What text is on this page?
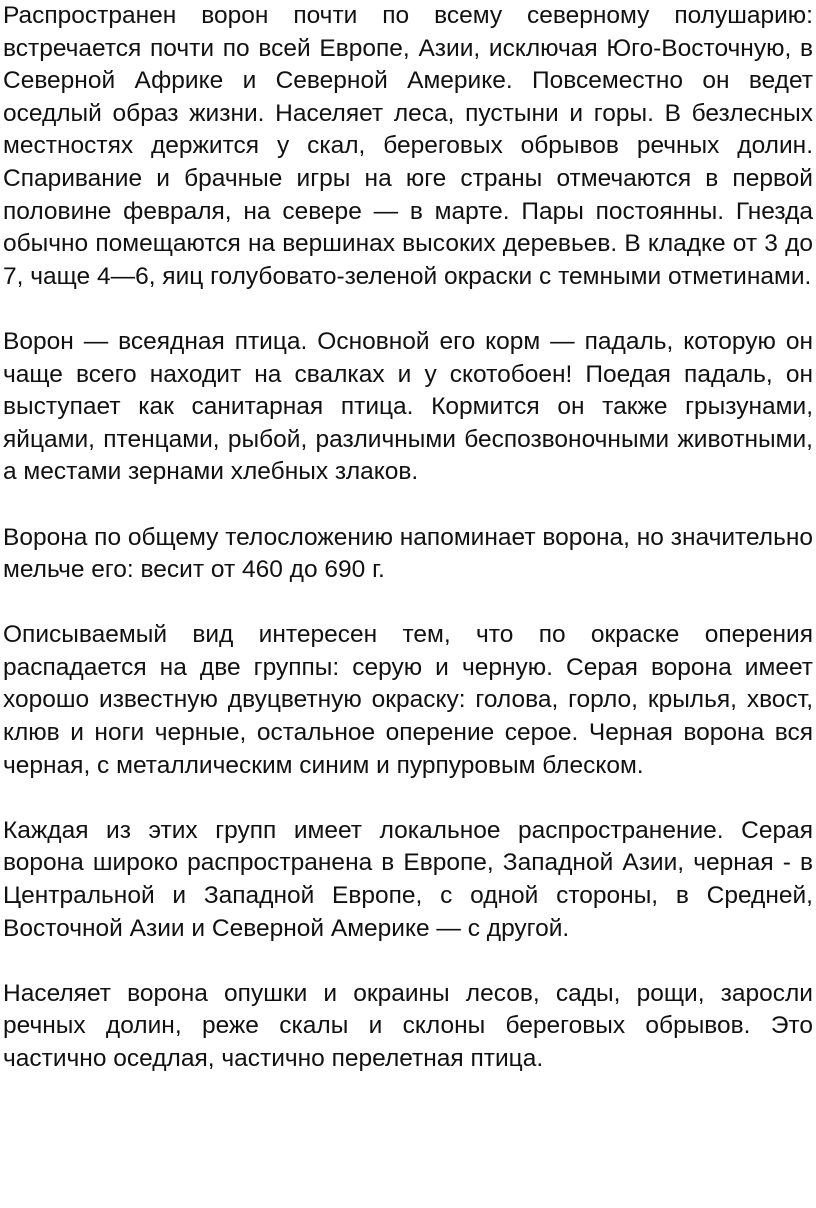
Распространен ворон почти по всему северному полушарию: встречается почти по всей Европе, Азии, исключая Юго-Восточную, в Северной Африке и Северной Америке. Повсеместно он ведет оседлый образ жизни. Населяет леса, пустыни и горы. В безлесных местностях держится у скал, береговых обрывов речных долин. Спаривание и брачные игры на юге страны отмечаются в первой половине февраля, на севере — в марте. Пары постоянны. Гнезда обычно помещаются на вершинах высоких деревьев. В кладке от 3 до 7, чаще 4—6, яиц голубовато-зеленой окраски с темными отметинами.

Ворон — всеядная птица. Основной его корм — падаль, которую он чаще всего находит на свалках и у скотобоен! Поедая падаль, он выступает как санитарная птица. Кормится он также грызунами, яйцами, птенцами, рыбой, различными беспозвоночными животными, а местами зернами хлебных злаков.

Ворона по общему телосложению напоминает ворона, но значительно мельче его: весит от 460 до 690 г.

Описываемый вид интересен тем, что по окраске оперения распадается на две группы: серую и черную. Серая ворона имеет хорошо известную двуцветную окраску: голова, горло, крылья, хвост, клюв и ноги черные, остальное оперение серое. Черная ворона вся черная, с металлическим синим и пурпуровым блеском.

Каждая из этих групп имеет локальное распространение. Серая ворона широко распространена в Европе, Западной Азии, черная - в Центральной и Западной Европе, с одной стороны, в Средней, Восточной Азии и Северной Америке — с другой.

Населяет ворона опушки и окраины лесов, сады, рощи, заросли речных долин, реже скалы и склоны береговых обрывов. Это частично оседлая, частично перелетная птица.
